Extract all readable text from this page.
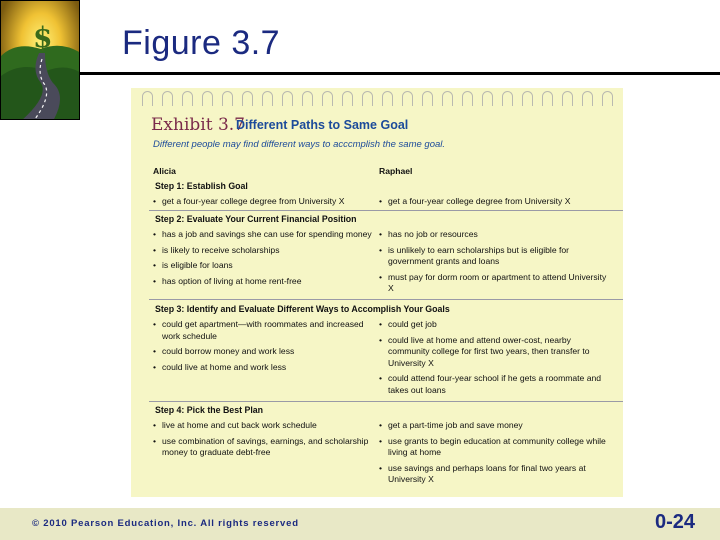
$ Figure 3.7
Exhibit 3.7
Different Paths to Same Goal
Different people may find different ways to acccmplish the same goal.
Alicia	Raphael
Step 1: Establish Goal
• get a four-year college degree from University X
•	get a four-year college degree from University X
Step 2: Evaluate Your Current Financial Position
• has a job and savings she can use for spending money
• is likely to receive scholarships
• is eligible for loans
• has option of living at home rent-free
• has no job or resources
• is unlikely to earn scholarships but is eligible for government grants and loans
• must pay for dorm room or apartment to attend University X
Step 3: Identify and Evaluate Different Ways to Accomplish Your Goals
• could get apartment—with roommates and increased work schedule
• could borrow money and work less
• could live at home and work less
• could get job
• could live at home and attend ower-cost, nearby community college for first two years, then transfer to University X
• could attend four-year school if he gets a roommate and takes out loans
Step 4: Pick the Best Plan
• live at home and cut back work schedule
• use combination of savings, earnings, and scholarship money to graduate debt-free
• get a part-time job and save money
• use grants to begin education at community college while living at home
• use savings and perhaps loans for final two years at University X
© 2010 Pearson Education, Inc. All rights reserved	0-24
